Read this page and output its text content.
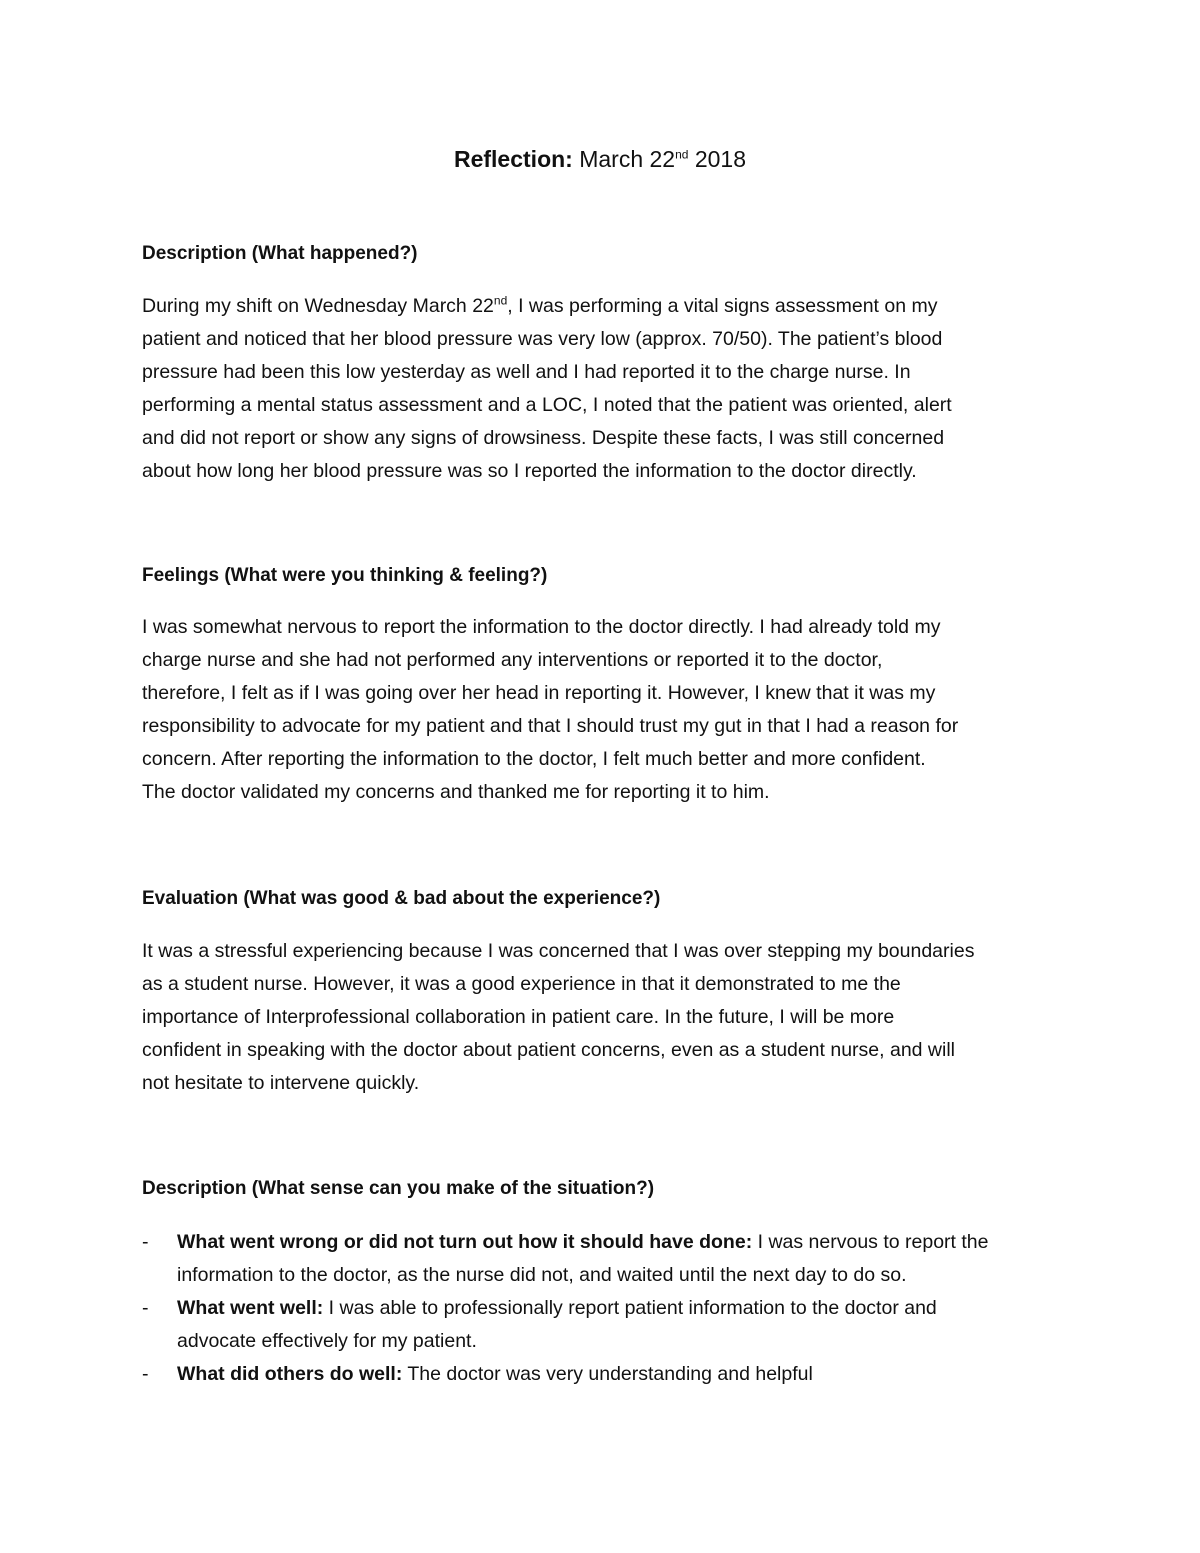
Reflection: March 22nd 2018
Description (What happened?)
During my shift on Wednesday March 22nd, I was performing a vital signs assessment on my
patient and noticed that her blood pressure was very low (approx. 70/50). The patient’s blood
pressure had been this low yesterday as well and I had reported it to the charge nurse. In
performing a mental status assessment and a LOC, I noted that the patient was oriented, alert
and did not report or show any signs of drowsiness. Despite these facts, I was still concerned
about how long her blood pressure was so I reported the information to the doctor directly.
Feelings (What were you thinking & feeling?)
I was somewhat nervous to report the information to the doctor directly. I had already told my
charge nurse and she had not performed any interventions or reported it to the doctor,
therefore, I felt as if I was going over her head in reporting it. However, I knew that it was my
responsibility to advocate for my patient and that I should trust my gut in that I had a reason for
concern. After reporting the information to the doctor, I felt much better and more confident.
The doctor validated my concerns and thanked me for reporting it to him.
Evaluation (What was good & bad about the experience?)
It was a stressful experiencing because I was concerned that I was over stepping my boundaries
as a student nurse. However, it was a good experience in that it demonstrated to me the
importance of Interprofessional collaboration in patient care. In the future, I will be more
confident in speaking with the doctor about patient concerns, even as a student nurse, and will
not hesitate to intervene quickly.
Description (What sense can you make of the situation?)
- What went wrong or did not turn out how it should have done: I was nervous to report the
information to the doctor, as the nurse did not, and waited until the next day to do so.
- What went well: I was able to professionally report patient information to the doctor and
advocate effectively for my patient.
- What did others do well: The doctor was very understanding and helpful
